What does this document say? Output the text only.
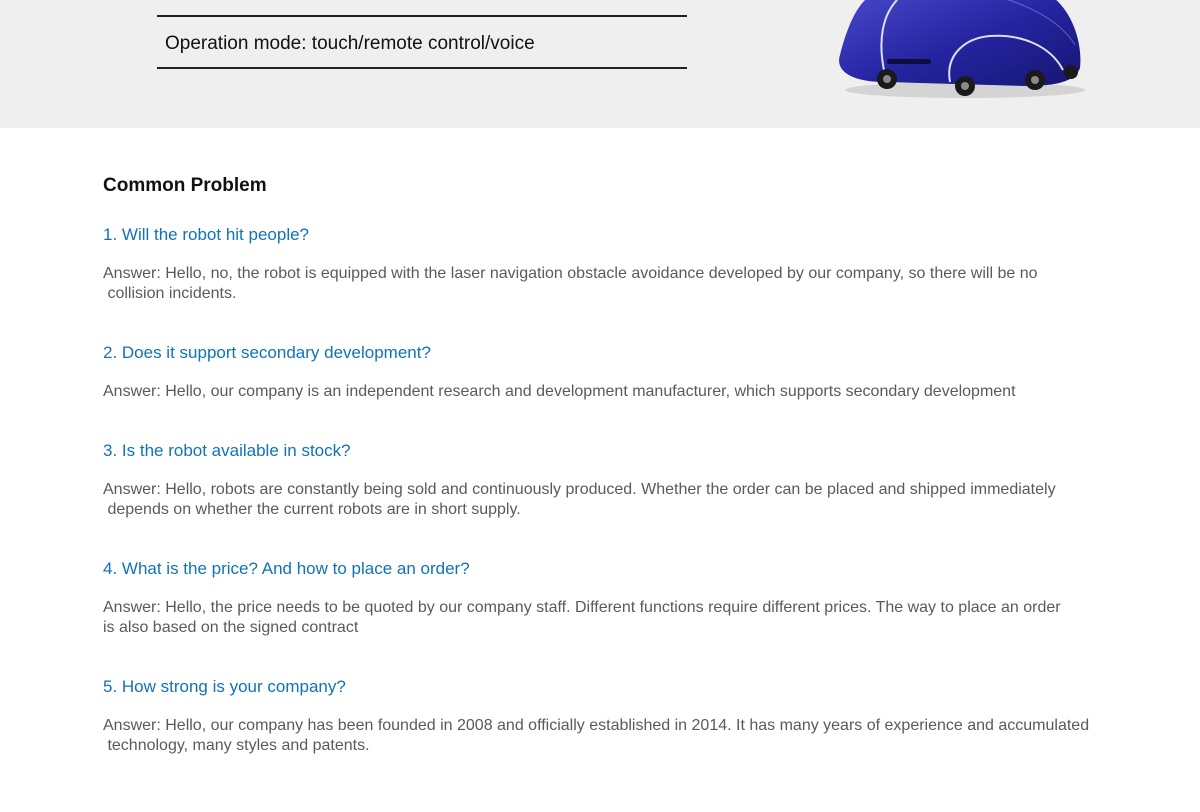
Operation mode: touch/remote control/voice
Common Problem

1. Will the robot hit people?

Answer: Hello, no, the robot is equipped with the laser navigation obstacle avoidance developed by our company, so there will be no
collision incidents.

2. Does it support secondary development?

Answer: Hello, our company is an independent research and development manufacturer, which supports secondary development

3. Is the robot available in stock?

Answer: Hello, robots are constantly being sold and continuously produced. Whether the order can be placed and shipped immediately
depends on whether the current robots are in short supply.

4. What is the price? And how to place an order?

Answer: Hello, the price needs to be quoted by our company staff. Different functions require different prices. The way to place an order
is also based on the signed contract

5. How strong is your company?

Answer: Hello, our company has been founded in 2008 and officially established in 2014. It has many years of experience and accumulated
technology, many styles and patents.
